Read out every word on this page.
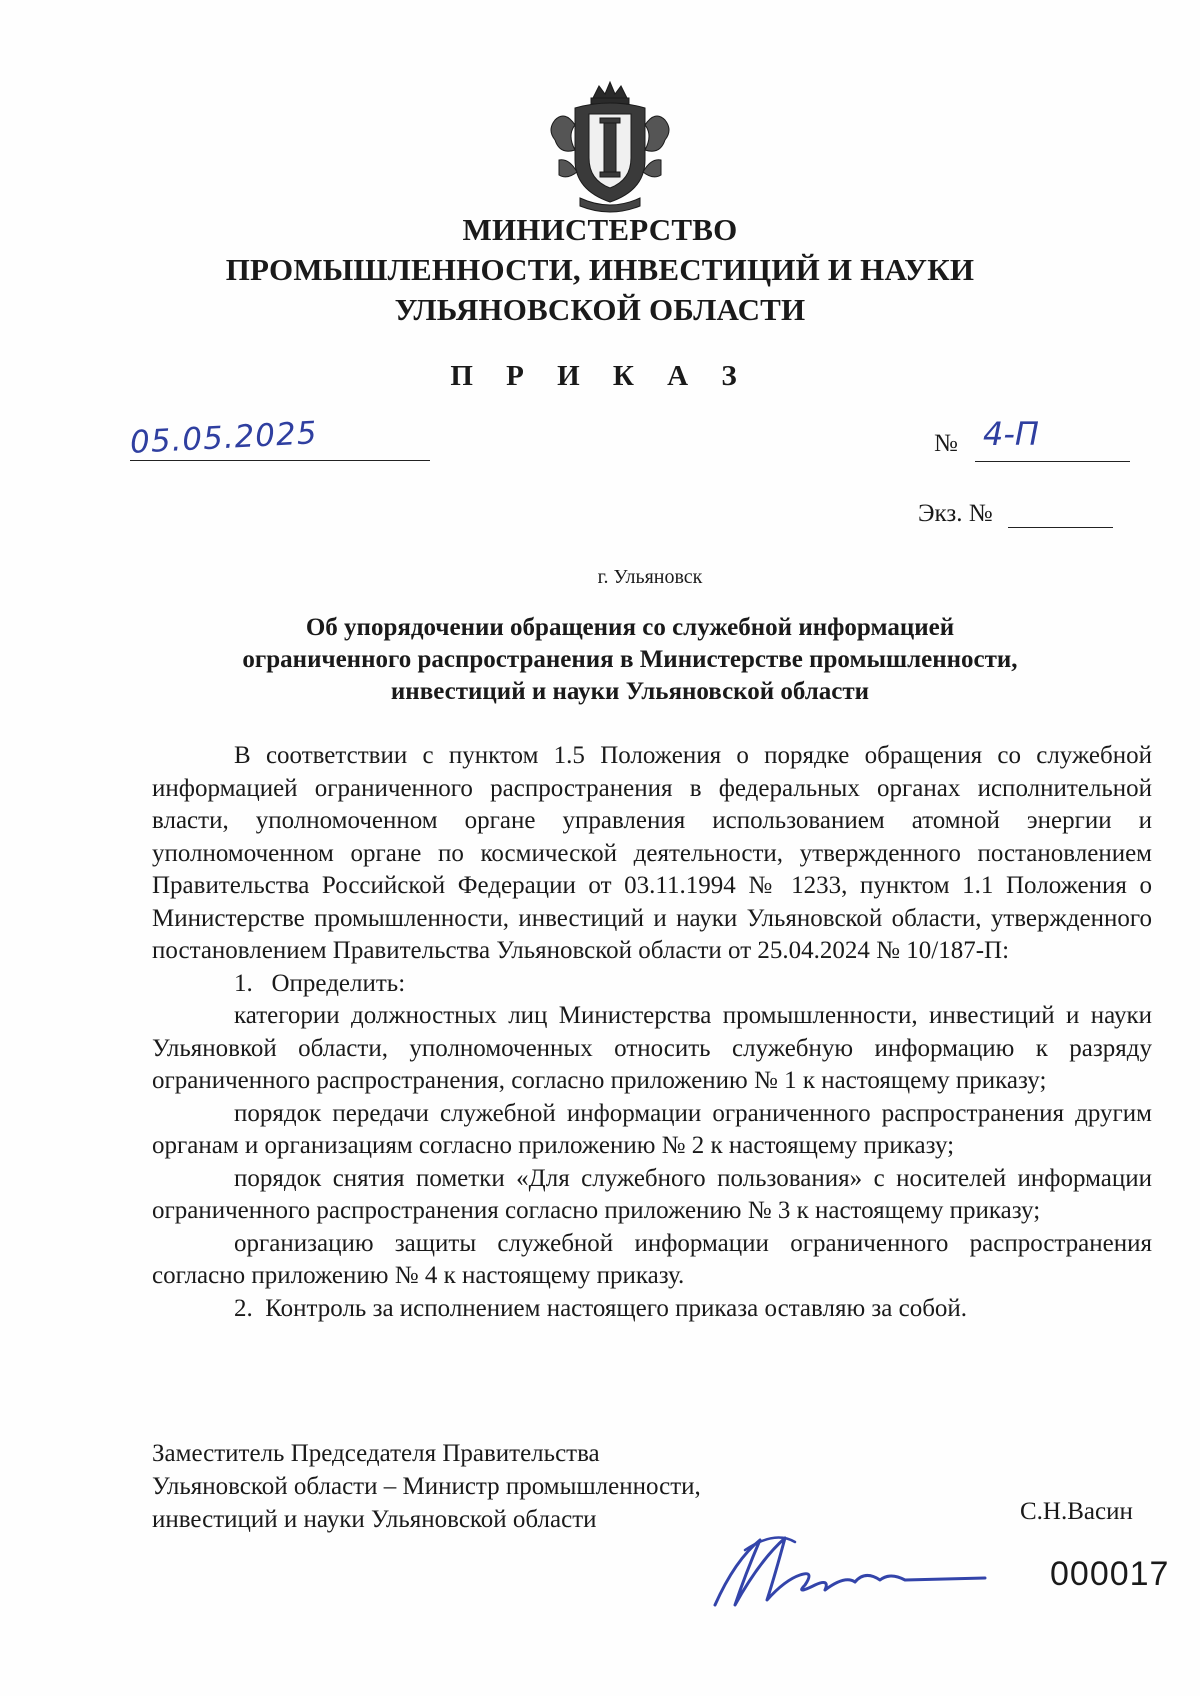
МИНИСТЕРСТВО
ПРОМЫШЛЕННОСТИ, ИНВЕСТИЦИЙ И НАУКИ
УЛЬЯНОВСКОЙ ОБЛАСТИ
П Р И К А З
05.05.2025	№ 4-П
Экз. №
г. Ульяновск
Об упорядочении обращения со служебной информацией
ограниченного распространения в Министерстве промышленности,
инвестиций и науки Ульяновской области

В соответствии с пунктом 1.5 Положения о порядке обращения со служебной информацией ограниченного распространения в федеральных органах исполнительной власти, уполномоченном органе управления использованием атомной энергии и уполномоченном органе по космической деятельности, утвержденного постановлением Правительства Российской Федерации от 03.11.1994 № 1233, пунктом 1.1 Положения о Министерстве промышленности, инвестиций и науки Ульяновской области, утвержденного постановлением Правительства Ульяновской области от 25.04.2024 № 10/187-П:

1.   Определить:

категории должностных лиц Министерства промышленности, инвестиций и науки Ульяновкой области, уполномоченных относить служебную информацию к разряду ограниченного распространения, согласно приложению № 1 к настоящему приказу;

порядок передачи служебной информации ограниченного распространения другим органам и организациям согласно приложению № 2 к настоящему приказу;

порядок снятия пометки «Для служебного пользования» с носителей информации ограниченного распространения согласно приложению № 3 к настоящему приказу;

организацию защиты служебной информации ограниченного распространения согласно приложению № 4 к настоящему приказу.

2.  Контроль за исполнением настоящего приказа оставляю за собой.

Заместитель Председателя Правительства
Ульяновской области – Министр промышленности,
инвестиций и науки Ульяновской области	С.Н.Васин
000017
